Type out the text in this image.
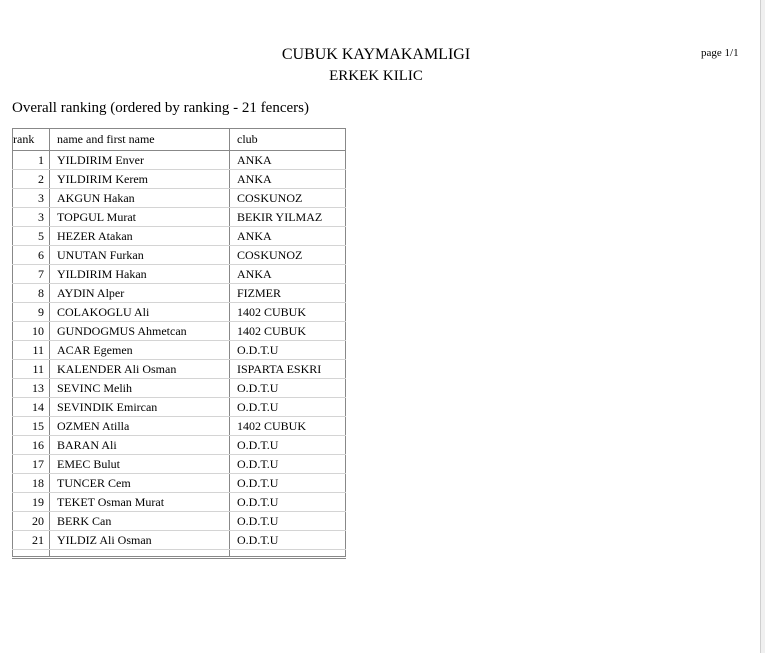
CUBUK KAYMAKAMLIGI
ERKEK KILIC
page 1/1
Overall ranking (ordered by ranking - 21 fencers)
rank	name and first name	club
1	YILDIRIM Enver	ANKA
2	YILDIRIM Kerem	ANKA
3	AKGUN Hakan	COSKUNOZ
3	TOPGUL Murat	BEKIR YILMAZ
5	HEZER Atakan	ANKA
6	UNUTAN Furkan	COSKUNOZ
7	YILDIRIM Hakan	ANKA
8	AYDIN Alper	FIZMER
9	COLAKOGLU Ali	1402 CUBUK
10	GUNDOGMUS Ahmetcan	1402 CUBUK
11	ACAR Egemen	O.D.T.U
11	KALENDER Ali Osman	ISPARTA ESKRI
13	SEVINC Melih	O.D.T.U
14	SEVINDIK Emircan	O.D.T.U
15	OZMEN Atilla	1402 CUBUK
16	BARAN Ali	O.D.T.U
17	EMEC Bulut	O.D.T.U
18	TUNCER Cem	O.D.T.U
19	TEKET Osman Murat	O.D.T.U
20	BERK Can	O.D.T.U
21	YILDIZ Ali Osman	O.D.T.U
